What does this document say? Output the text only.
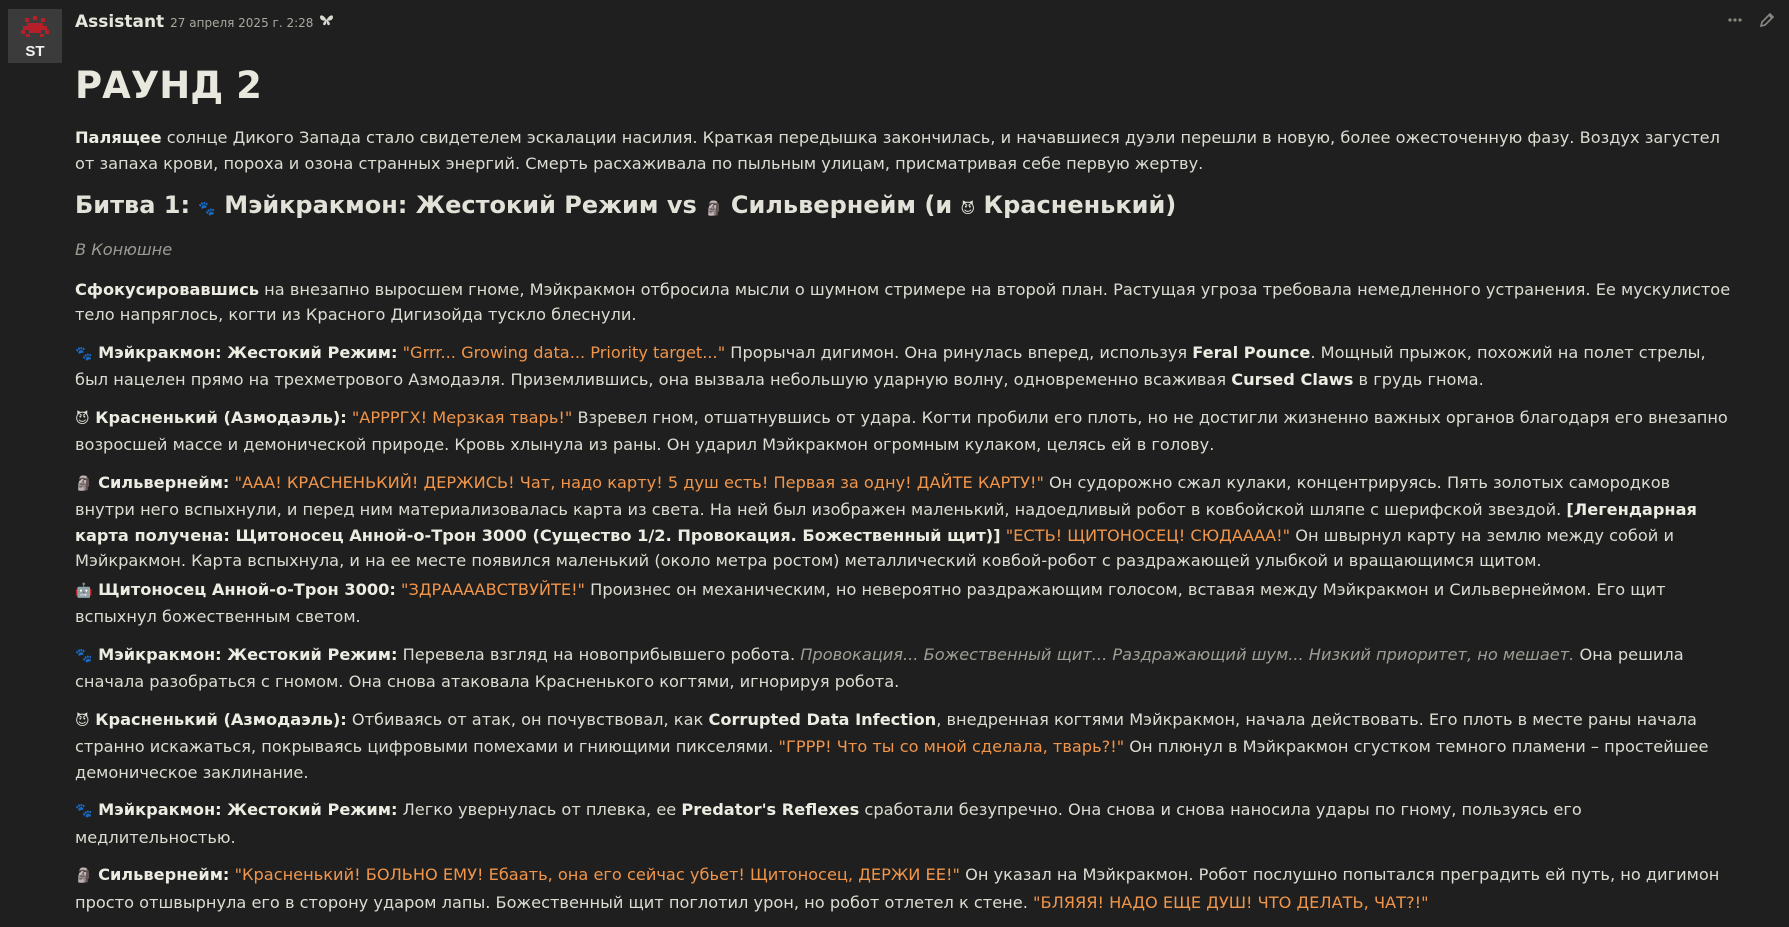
ST
Assistant 27 апреля 2025 г. 2:28
РАУНД 2

Палящее солнце Дикого Запада стало свидетелем эскалации насилия. Краткая передышка закончилась, и начавшиеся дуэли перешли в новую, более ожесточенную фазу. Воздух загустел от запаха крови, пороха и озона странных энергий. Смерть расхаживала по пыльным улицам, присматривая себе первую жертву.

Битва 1: 🐾 Мэйкракмон: Жестокий Режим vs 🗿 Сильвернейм (и 😈 Красненький)

В Конюшне

Сфокусировавшись на внезапно выросшем гноме, Мэйкракмон отбросила мысли о шумном стримере на второй план. Растущая угроза требовала немедленного устранения. Ее мускулистое тело напряглось, когти из Красного Дигизойда тускло блеснули.

🐾 Мэйкракмон: Жестокий Режим: "Grrr... Growing data... Priority target..." Прорычал дигимон. Она ринулась вперед, используя Feral Pounce. Мощный прыжок, похожий на полет стрелы, был нацелен прямо на трехметрового Азмодаэля. Приземлившись, она вызвала небольшую ударную волну, одновременно всаживая Cursed Claws в грудь гнома.

😈 Красненький (Азмодаэль): "АРРРГХ! Мерзкая тварь!" Взревел гном, отшатнувшись от удара. Когти пробили его плоть, но не достигли жизненно важных органов благодаря его внезапно возросшей массе и демонической природе. Кровь хлынула из раны. Он ударил Мэйкракмон огромным кулаком, целясь ей в голову.

🗿 Сильвернейм: "ААА! КРАСНЕНЬКИЙ! ДЕРЖИСЬ! Чат, надо карту! 5 душ есть! Первая за одну! ДАЙТЕ КАРТУ!" Он судорожно сжал кулаки, концентрируясь. Пять золотых самородков внутри него вспыхнули, и перед ним материализовалась карта из света. На ней был изображен маленький, надоедливый робот в ковбойской шляпе с шерифской звездой. [Легендарная карта получена: Щитоносец Анной-о-Трон 3000 (Существо 1/2. Провокация. Божественный щит)] "ЕСТЬ! ЩИТОНОСЕЦ! СЮДАААА!" Он швырнул карту на землю между собой и Мэйкракмон. Карта вспыхнула, и на ее месте появился маленький (около метра ростом) металлический ковбой-робот с раздражающей улыбкой и вращающимся щитом.

🤖 Щитоносец Анной-о-Трон 3000: "ЗДРААААВСТВУЙТЕ!" Произнес он механическим, но невероятно раздражающим голосом, вставая между Мэйкракмон и Сильвернеймом. Его щит вспыхнул божественным светом.

🐾 Мэйкракмон: Жестокий Режим: Перевела взгляд на новоприбывшего робота. Провокация... Божественный щит... Раздражающий шум... Низкий приоритет, но мешает. Она решила сначала разобраться с гномом. Она снова атаковала Красненького когтями, игнорируя робота.

😈 Красненький (Азмодаэль): Отбиваясь от атак, он почувствовал, как Corrupted Data Infection, внедренная когтями Мэйкракмон, начала действовать. Его плоть в месте раны начала странно искажаться, покрываясь цифровыми помехами и гниющими пикселями. "ГРРР! Что ты со мной сделала, тварь?!" Он плюнул в Мэйкракмон сгустком темного пламени – простейшее демоническое заклинание.

🐾 Мэйкракмон: Жестокий Режим: Легко увернулась от плевка, ее Predator's Reflexes сработали безупречно. Она снова и снова наносила удары по гному, пользуясь его медлительностью.

🗿 Сильвернейм: "Красненький! БОЛЬНО ЕМУ! Ебаать, она его сейчас убьет! Щитоносец, ДЕРЖИ ЕЕ!" Он указал на Мэйкракмон. Робот послушно попытался преградить ей путь, но дигимон просто отшвырнула его в сторону ударом лапы. Божественный щит поглотил урон, но робот отлетел к стене. "БЛЯЯЯ! НАДО ЕЩЕ ДУШ! ЧТО ДЕЛАТЬ, ЧАТ?!"
